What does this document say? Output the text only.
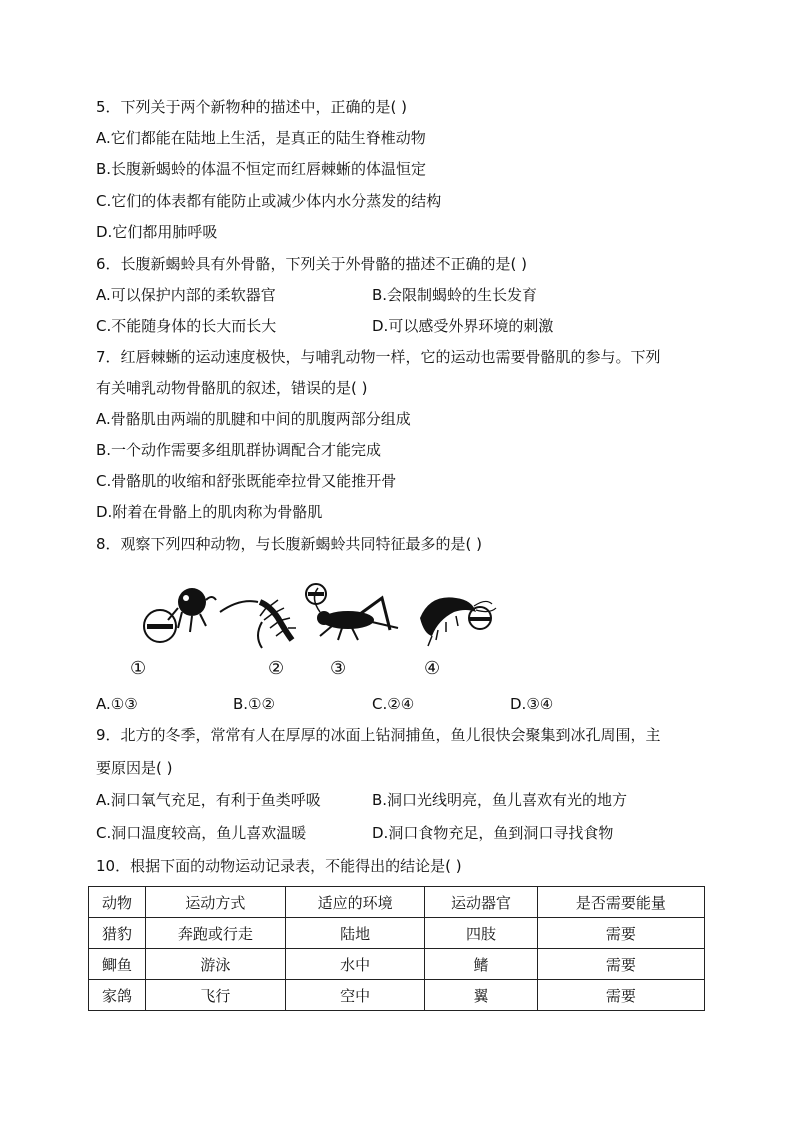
5．下列关于两个新物种的描述中，正确的是( )
A.它们都能在陆地上生活，是真正的陆生脊椎动物
B.长腹新蝎蛉的体温不恒定而红唇棘蜥的体温恒定
C.它们的体表都有能防止或减少体内水分蒸发的结构
D.它们都用肺呼吸
6．长腹新蝎蛉具有外骨骼，下列关于外骨骼的描述不正确的是( )
A.可以保护内部的柔软器官	B.会限制蝎蛉的生长发育
C.不能随身体的长大而长大	D.可以感受外界环境的刺激
7．红唇棘蜥的运动速度极快，与哺乳动物一样，它的运动也需要骨骼肌的参与。下列
有关哺乳动物骨骼肌的叙述，错误的是( )
A.骨骼肌由两端的肌腱和中间的肌腹两部分组成
B.一个动作需要多组肌群协调配合才能完成
C.骨骼肌的收缩和舒张既能牵拉骨又能推开骨
D.附着在骨骼上的肌肉称为骨骼肌
8．观察下列四种动物，与长腹新蝎蛉共同特征最多的是( )
①	②	③	④
A.①③	B.①②	C.②④	D.③④
9．北方的冬季，常常有人在厚厚的冰面上钻洞捕鱼，鱼儿很快会聚集到冰孔周围，主
要原因是( )
A.洞口氧气充足，有利于鱼类呼吸	B.洞口光线明亮，鱼儿喜欢有光的地方
C.洞口温度较高，鱼儿喜欢温暖	D.洞口食物充足，鱼到洞口寻找食物
10．根据下面的动物运动记录表，不能得出的结论是( )
动物	运动方式	适应的环境	运动器官	是否需要能量
猎豹	奔跑或行走	陆地	四肢	需要
鲫鱼	游泳	水中	鳍	需要
家鸽	飞行	空中	翼	需要
